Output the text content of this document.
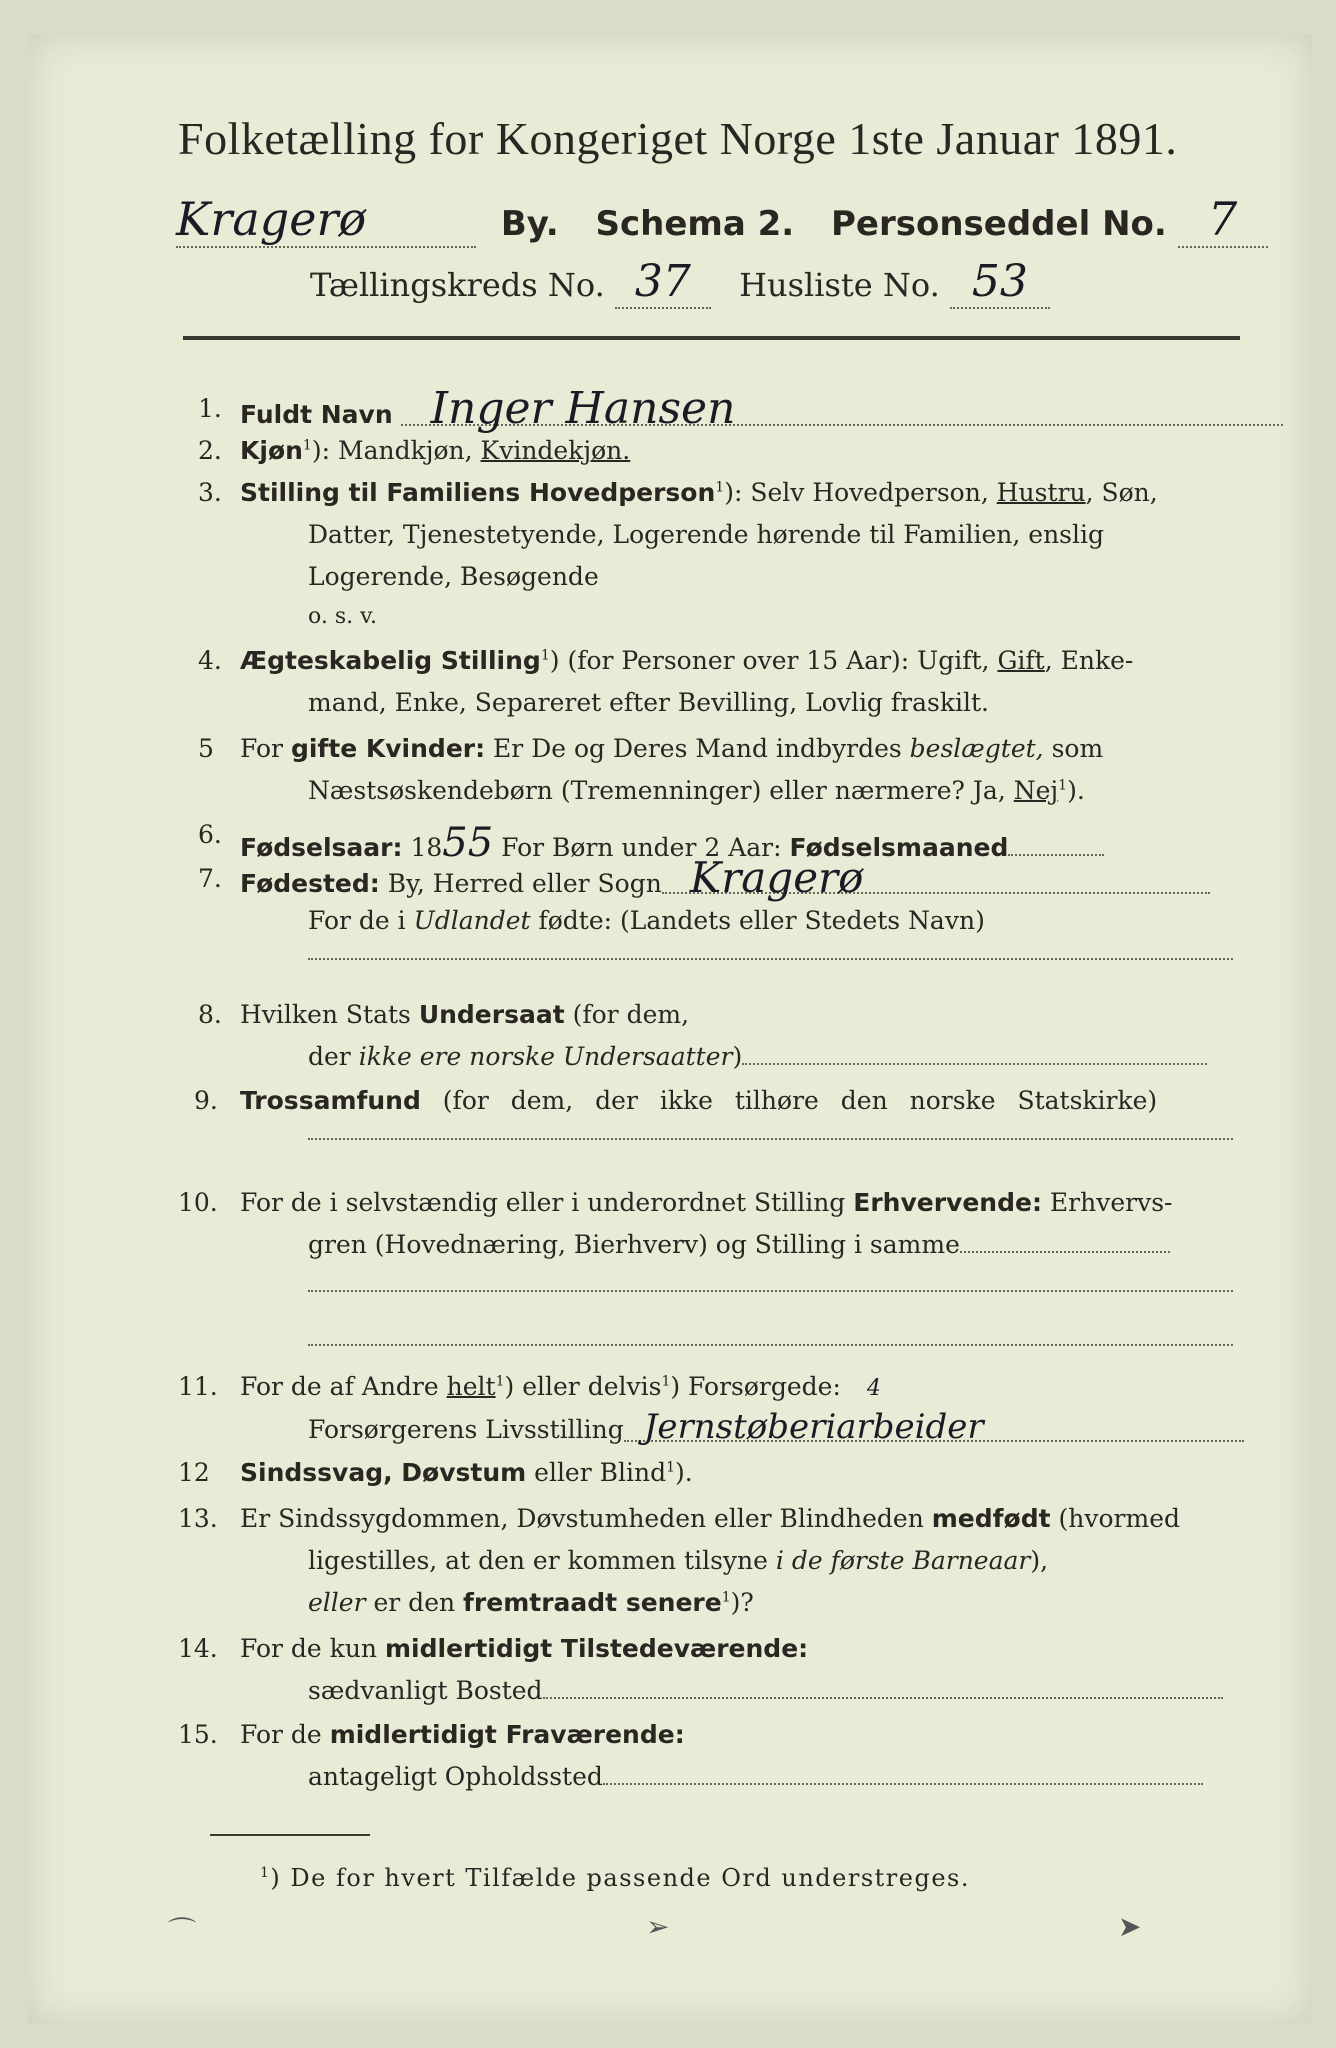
Folketælling for Kongeriget Norge 1ste Januar 1891.
Kragerø	By. Schema 2. Personseddel No. 7
Tællingskreds No. 37 Husliste No. 53
1. Fuldt Navn Inger Hansen
2. Kjøn$^1$): Mandkjøn, Kvindekjøn.
3. Stilling til Familiens Hovedperson$^1$): Selv Hovedperson, Hustru, Søn,
Datter, Tjenestetyende, Logerende hørende til Familien, enslig
Logerende, Besøgende
o. s. v.
4. Ægteskabelig Stilling$^1$) (for Personer over 15 Aar): Ugift, Gift, Enke-
mand, Enke, Separeret efter Bevilling, Lovlig fraskilt.
5 For gifte Kvinder: Er De og Deres Mand indbyrdes beslægtet, som
Næstsøskendebørn (Tremenninger) eller nærmere? Ja, Nej$^1$).
6. Fødselsaar: 1855 For Børn under 2 Aar: Fødselsmaaned
7. Fødested: By, Herred eller Sogn Kragerø
For de i Udlandet fødte: (Landets eller Stedets Navn)
8. Hvilken Stats Undersaat (for dem,
der ikke ere norske Undersaatter)
9. Trossamfund (for dem, der ikke tilhøre den norske Statskirke)
10. For de i selvstændig eller i underordnet Stilling Erhvervende: Erhvervs-
gren (Hovednæring, Bierhverv) og Stilling i samme
11. For de af Andre helt$^1$) eller delvis$^1$) Forsørgede: 4
Forsørgerens Livsstilling Jernstøberiarbeider
12 Sindssvag, Døvstum eller Blind$^1$).
13. Er Sindssygdommen, Døvstumheden eller Blindheden medfødt (hvormed
ligestilles, at den er kommen tilsyne i de første Barneaar),
eller er den fremtraadt senere$^1$)?
14. For de kun midlertidigt Tilstedeværende:
sædvanligt Bosted
15. For de midlertidigt Fraværende:
antageligt Opholdssted
$^1$) De for hvert Tilfælde passende Ord understreges.
⌒	➢	➤
